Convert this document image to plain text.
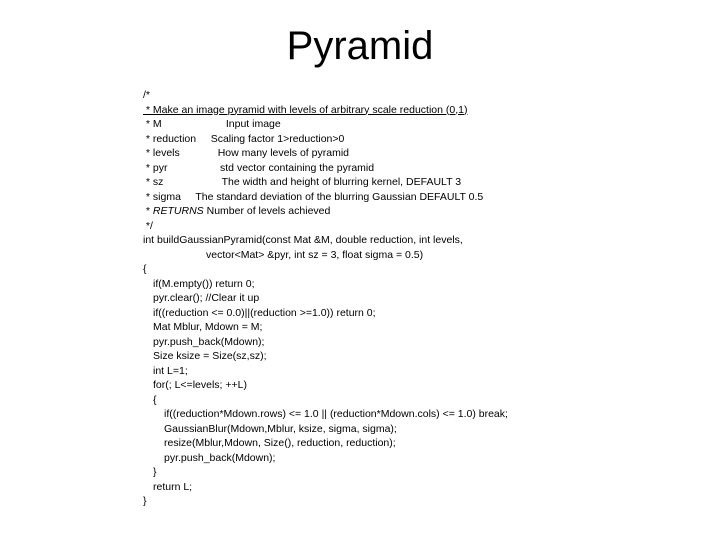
Pyramid
/*
* Make an image pyramid with levels of arbitrary scale reduction (0,1)
* M                      Input image
* reduction     Scaling factor 1>reduction>0
* levels             How many levels of pyramid
* pyr                  std vector containing the pyramid
* sz                    The width and height of blurring kernel, DEFAULT 3
* sigma     The standard deviation of the blurring Gaussian DEFAULT 0.5
* RETURNS Number of levels achieved
*/
int buildGaussianPyramid(const Mat &M, double reduction, int levels,
vector<Mat> &pyr, int sz = 3, float sigma = 0.5)
{
if(M.empty()) return 0;
pyr.clear(); //Clear it up
if((reduction <= 0.0)||(reduction >=1.0)) return 0;
Mat Mblur, Mdown = M;
pyr.push_back(Mdown);
Size ksize = Size(sz,sz);
int L=1;
for(; L<=levels; ++L)
{
if((reduction*Mdown.rows) <= 1.0 || (reduction*Mdown.cols) <= 1.0) break;
GaussianBlur(Mdown,Mblur, ksize, sigma, sigma);
resize(Mblur,Mdown, Size(), reduction, reduction);
pyr.push_back(Mdown);
}
return L;
}
